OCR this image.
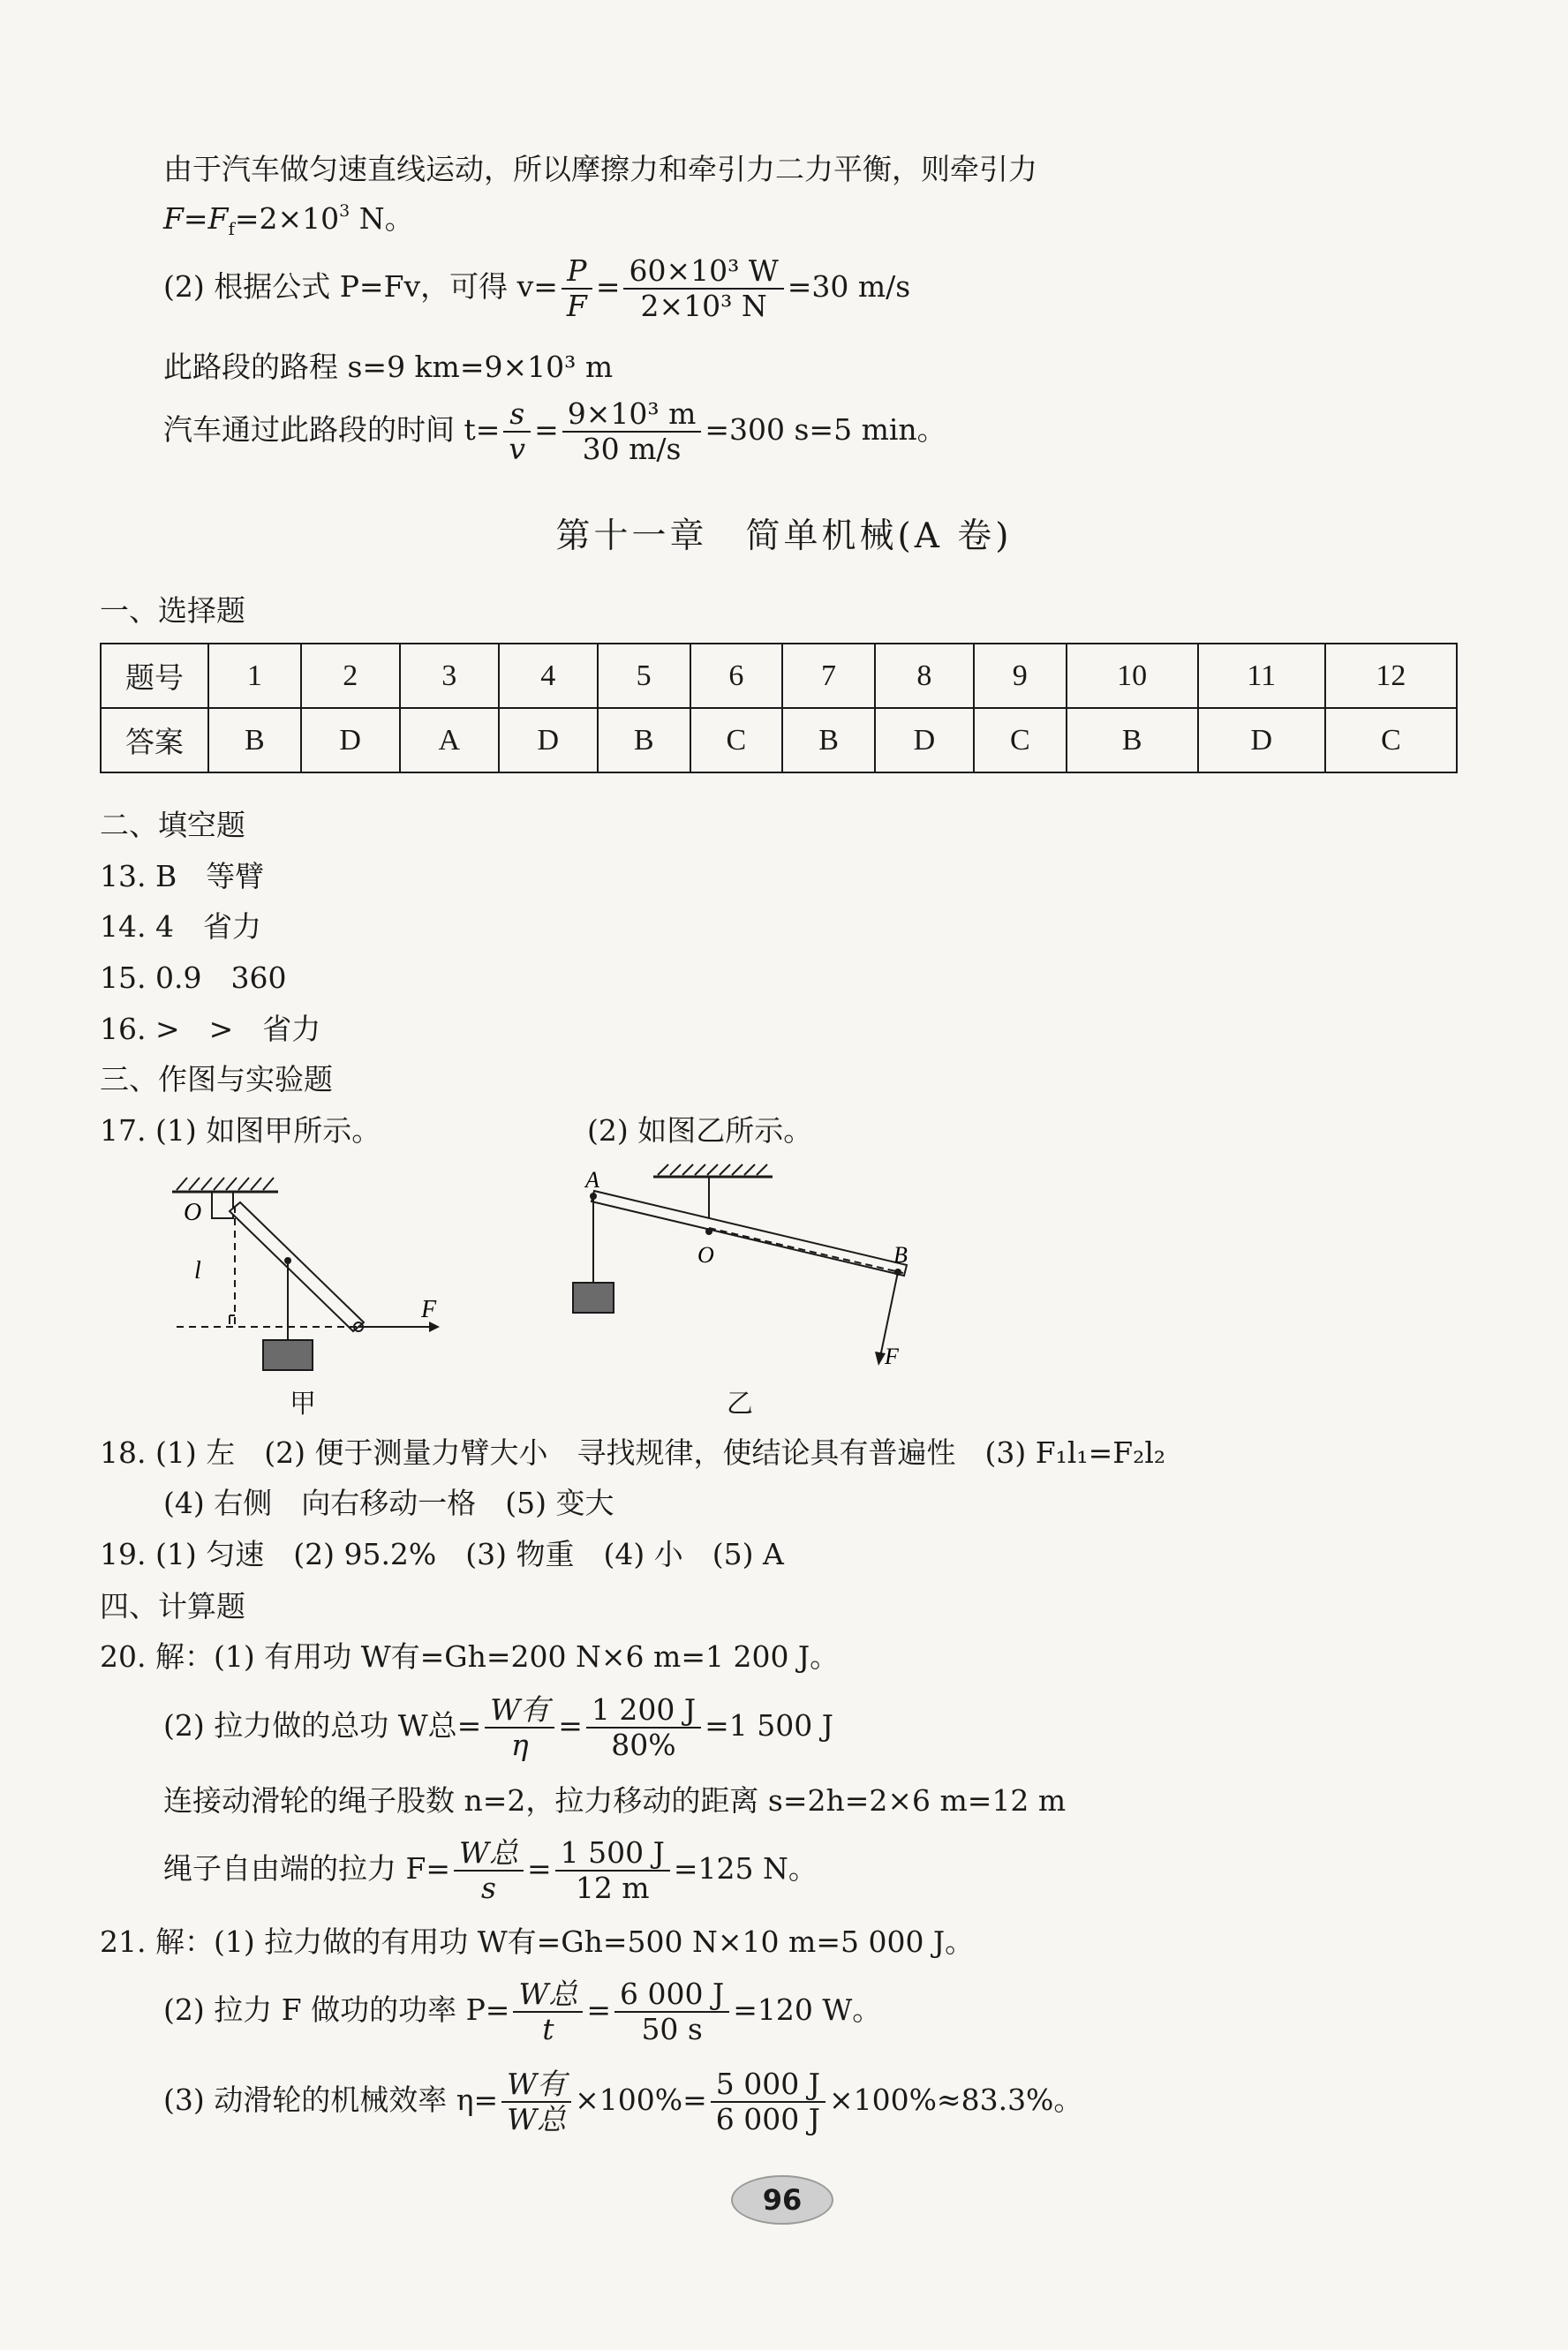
由于汽车做匀速直线运动，所以摩擦力和牵引力二力平衡，则牵引力
$F=F_f=2\times 10^3$ N。
(2) 根据公式 P=Fv，可得 $v= \frac{P}{F} = \frac{\text{60×10³ W}}{\text{2×10³ N}} =30$ m/s
此路段的路程 s=9 km=9×10³ m
汽车通过此路段的时间 $t= \frac{s}{v} = \frac{\text{9×10³ m}}{30 m/s} =300$ s=5 min。
第十一章　简单机械(A 卷)
一、选择题
题号	1	2	3	4	5	6	7	8	9	10	11	12
答案	B	D	A	D	B	C	B	D	C	B	D	C
二、填空题
13. B　等臂
14. 4　省力
15. 0.9　360
16. >　>　省力
三、作图与实验题
17. (1) 如图甲所示。	(2) 如图乙所示。
O
l
F
甲
A
O	B
F
乙
18. (1) 左　(2) 便于测量力臂大小　寻找规律，使结论具有普遍性　(3) F₁l₁=F₂l₂
(4) 右侧　向右移动一格　(5) 变大
19. (1) 匀速　(2) 95.2%　(3) 物重　(4) 小　(5) A
四、计算题
20. 解：(1) 有用功 W有=Gh=200 N×6 m=1 200 J。
(2) 拉力做的总功 W总= $\frac{\text{W有}}{\eta} = \frac{1 200 J}{80\%} =1$ 500 J
连接动滑轮的绳子股数 n=2，拉力移动的距离 s=2h=2×6 m=12 m
绳子自由端的拉力 $F= \frac{\text{W总}}{s} = \frac{1 500 J}{12 m} =125$ N。
21. 解：(1) 拉力做的有用功 W有=Gh=500 N×10 m=5 000 J。
(2) 拉力 F 做功的功率 $P= \frac{\text{W总}}{t} = \frac{6 000 J}{50 s} =120$ W。
(3) 动滑轮的机械效率 $\eta= \frac{\text{W有}}{\text{W总}} \times 100\%= \frac{5 000 J}{6 000 J} \times 100\%\approx 83.3\%$。
96
